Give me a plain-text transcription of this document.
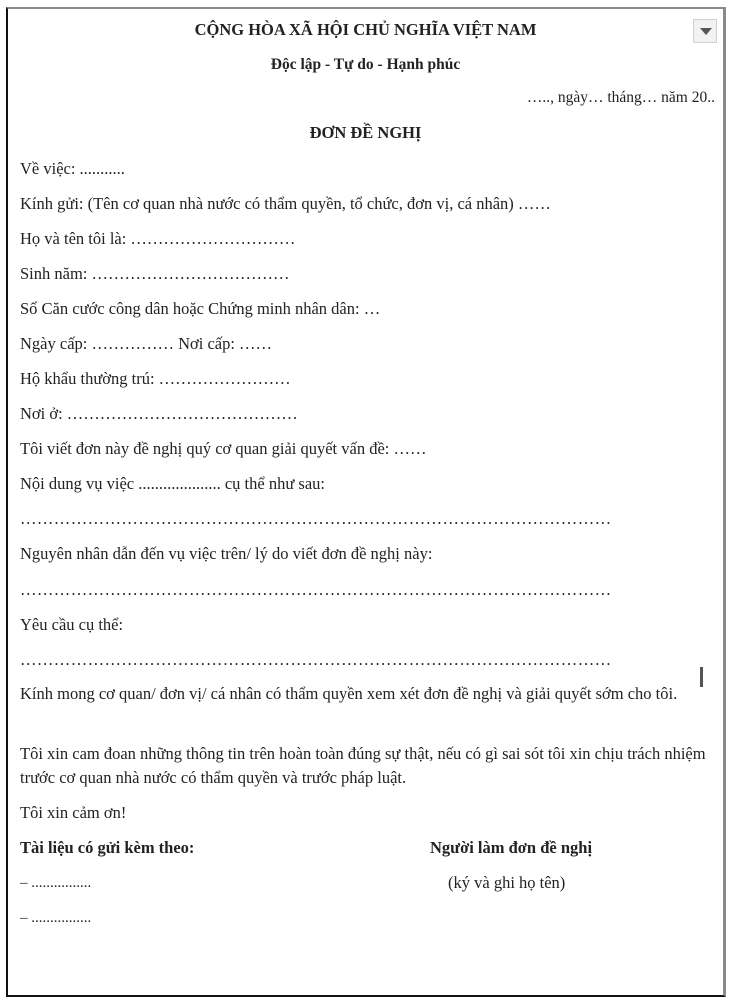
CỘNG HÒA XÃ HỘI CHỦ NGHĨA VIỆT NAM
Độc lập - Tự do - Hạnh phúc
….., ngày… tháng… năm 20..
ĐƠN ĐỀ NGHỊ
Về việc: ...........
Kính gửi: (Tên cơ quan nhà nước có thẩm quyền, tổ chức, đơn vị, cá nhân) ……
Họ và tên tôi là: …………………………
Sinh năm: ………………………………
Số Căn cước công dân hoặc Chứng minh nhân dân: …
Ngày cấp: …………… Nơi cấp: ……
Hộ khẩu thường trú: ……………………
Nơi ở: ……………………………………
Tôi viết đơn này đề nghị quý cơ quan giải quyết vấn đề: ……
Nội dung vụ việc .................... cụ thể như sau:
……………………………………………………………………………………………
Nguyên nhân dẫn đến vụ việc trên/ lý do viết đơn đề nghị này:
……………………………………………………………………………………………
Yêu cầu cụ thể:
……………………………………………………………………………………………
Kính mong cơ quan/ đơn vị/ cá nhân có thẩm quyền xem xét đơn đề nghị và giải quyết sớm cho tôi.
Tôi xin cam đoan những thông tin trên hoàn toàn đúng sự thật, nếu có gì sai sót tôi xin chịu trách nhiệm trước cơ quan nhà nước có thẩm quyền và trước pháp luật.
Tôi xin cảm ơn!
Tài liệu có gửi kèm theo:	Người làm đơn đề nghị
– ................	(ký và ghi họ tên)
– ................
